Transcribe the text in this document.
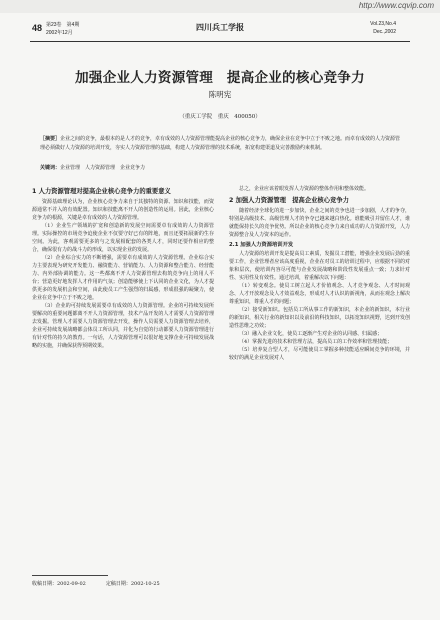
http://www.cqvip.com
48 第23卷　第4期
2002年12月
四川兵工学报	Vol.23,No.4
Dec.,2002
加强企业人力资源管理　提高企业的核心竞争力
陈明宪
（重庆工学院　重庆　400050）
［摘要］企业之间的竞争，最根本的是人才的竞争，卓有成效的人力资源管理能提高企业的核心竞争力，确保企业在竞争中立于不败之地。而卓有成效的人力资源管理必须做好人力资源的培训开发，夯实人力资源管理的基础，构建人力资源管理的技术系统，拓宽构建渠道及完善激励约束机制。
关键词：企业管理　人力资源管理　企业竞争力
1 人力资源管理对提高企业核心竞争力的重要意义

资源基础理论认为，企业核心竞争力来自于其独特的资源、知识和技能，而资源通常不并入的有效配置。知识和技能离不开人的创造性的运用。因此，企业核心竞争力的根源，关键是卓有成效的人力资源管理。

（1）企业生产领域的扩宽和创造新的发展空间需要卓有成效的人力资源管理。实际操控的市场竞争迫使企业不仅要守好已有的阵地，而且还要拓展新的生存空间。为此，客观需要更多的与之发展相配套的各类人才，同时还要作相应的整合，确保很有力的战斗力的形成，以实现企业的发展。

（2）企业综合实力的不断增强，需要卓有成效的人力资源管理。企业综合实力主要表现为研究开发能力、融资能力、营销能力、人力资源和整合能力、经营能力、内外部协调的能力。这一些都离不开人力资源管理去构筑竞争向上的用人平台；营造更好地发挥人才作用的气氛；创造能够使上下认同的企业文化，为人才提供更多的发展机会和空间，由此使员工产生强烈的归属感，形成很强的凝聚力，使企业在竞争中立于不败之地。

（3）企业的可持续发展需要卓有成效的人力资源管理。企业的可持续发展所要解决的重要问题都离不开人力资源管理，技术产品开发的人才需要人力资源管理去发掘。管理人才需要人力资源管理去开发，操作人员需要人力资源管理去培养，企业可持续发展战略都会体员工所认同，并化为自觉的行动都要人力资源管理进行有针对性的持久的教育。一句话，人力资源管理可以很好地支撑企业可持续发展战略的实施，并确保获得预期效果。

总之，企业应该着眼发挥人力资源的整体作用和整体效能。

2 加强人力资源管理　提高企业核心竞争力

随着经济全球化的进一步加快，企业之间的竞争也进一步加剧，人才的争夺，特别是高级技术、高级管理人才的争夺已越来越白热化。谁能吸引并留住人才，谁就能保持长久的竞争优势。所以企业的核心竞争力来自成功的人力资源开发，人力资源整合及人力资本的运作。

2.1 加强人力资源培训开发

人力资源的培训开发是提高员工素质，发掘员工潜能，增强企业发展后劲的重要工作，企业管理者应该高度重视，企业在对员工的培训过程中，应根据不同的对象和层次，使培训内容尽可能与企业发展战略和阶段性发展重点一致；力求针对性、实用性及有效性。通过培训，着重解决以下问题：

（1）转变观念。使员工树立起人才价值观念、人才竞争观念、人才时间观念、人才开放观念及人才效益观念，形成对人才认识的新视角，从而在观念上解决尊重知识，尊重人才的问题；

（2）接受新知识。包括员工所从事工作的新知识，本企业的新知识，本行业的新知识，相关行业的新知识以及前沿的科技知识，以拓宽知识视野，达到开发创造性思维之功效；

（3）融入企业文化，使员工逐渐产生对企业的认同感、归属感；

（4）掌握先进的技术和管理方法，提高员工的工作效率和管理技能；

（5）培养复合型人才，尽可能使员工掌握多种技能适应瞬间竞争的环境，并较好的满足企业发展对人

收稿日期：2002-09-02　　　　定稿日期：2002-10-25
